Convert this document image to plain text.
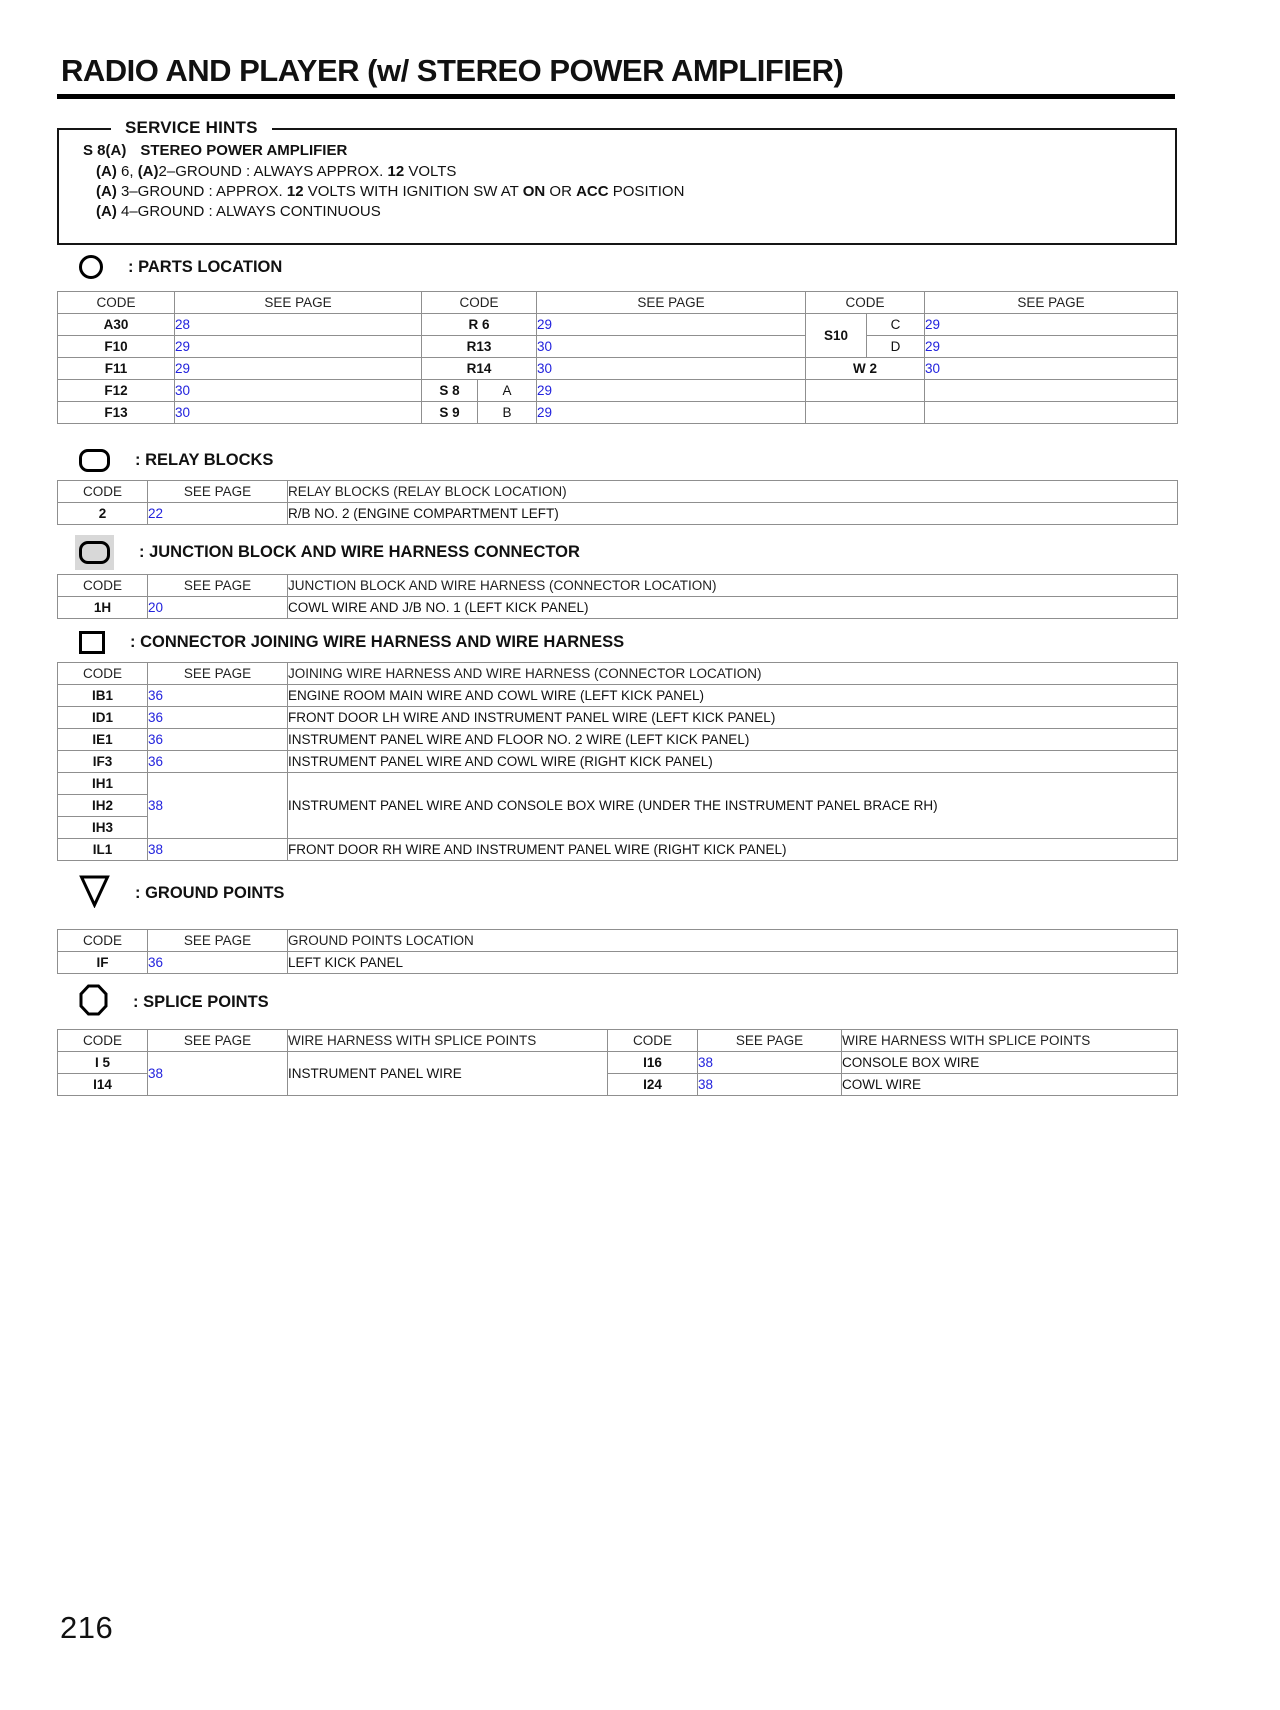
RADIO AND PLAYER (w/ STEREO POWER AMPLIFIER)
SERVICE HINTS
S 8(A) STEREO POWER AMPLIFIER
(A) 6, (A)2–GROUND : ALWAYS APPROX. 12 VOLTS
(A) 3–GROUND : APPROX. 12 VOLTS WITH IGNITION SW AT ON OR ACC POSITION
(A) 4–GROUND : ALWAYS CONTINUOUS
: PARTS LOCATION
CODE	SEE PAGE	CODE		SEE PAGE	CODE		SEE PAGE
A30	28	R 6		29	S10	C	29
F10	29	R13		30		D	29
F11	29	R14		30	W 2		30
F12	30	S 8	A	29			
F13	30	S 9	B	29			
: RELAY BLOCKS
CODE	SEE PAGE	RELAY BLOCKS (RELAY BLOCK LOCATION)
2	22	R/B NO. 2 (ENGINE COMPARTMENT LEFT)
: JUNCTION BLOCK AND WIRE HARNESS CONNECTOR
CODE	SEE PAGE	JUNCTION BLOCK AND WIRE HARNESS (CONNECTOR LOCATION)
1H	20	COWL WIRE AND J/B NO. 1 (LEFT KICK PANEL)
: CONNECTOR JOINING WIRE HARNESS AND WIRE HARNESS
CODE	SEE PAGE	JOINING WIRE HARNESS AND WIRE HARNESS (CONNECTOR LOCATION)
IB1	36	ENGINE ROOM MAIN WIRE AND COWL WIRE (LEFT KICK PANEL)
ID1	36	FRONT DOOR LH WIRE AND INSTRUMENT PANEL WIRE (LEFT KICK PANEL)
IE1	36	INSTRUMENT PANEL WIRE AND FLOOR NO. 2 WIRE (LEFT KICK PANEL)
IF3	36	INSTRUMENT PANEL WIRE AND COWL WIRE (RIGHT KICK PANEL)
IH1	38	INSTRUMENT PANEL WIRE AND CONSOLE BOX WIRE (UNDER THE INSTRUMENT PANEL BRACE RH)
IH2		
IH3		
IL1	38	FRONT DOOR RH WIRE AND INSTRUMENT PANEL WIRE (RIGHT KICK PANEL)
: GROUND POINTS
CODE	SEE PAGE	GROUND POINTS LOCATION
IF	36	LEFT KICK PANEL
: SPLICE POINTS
CODE	SEE PAGE	WIRE HARNESS WITH SPLICE POINTS	CODE	SEE PAGE	WIRE HARNESS WITH SPLICE POINTS
I 5	38	INSTRUMENT PANEL WIRE	I16	38	CONSOLE BOX WIRE
I14			I24	38	COWL WIRE
216
